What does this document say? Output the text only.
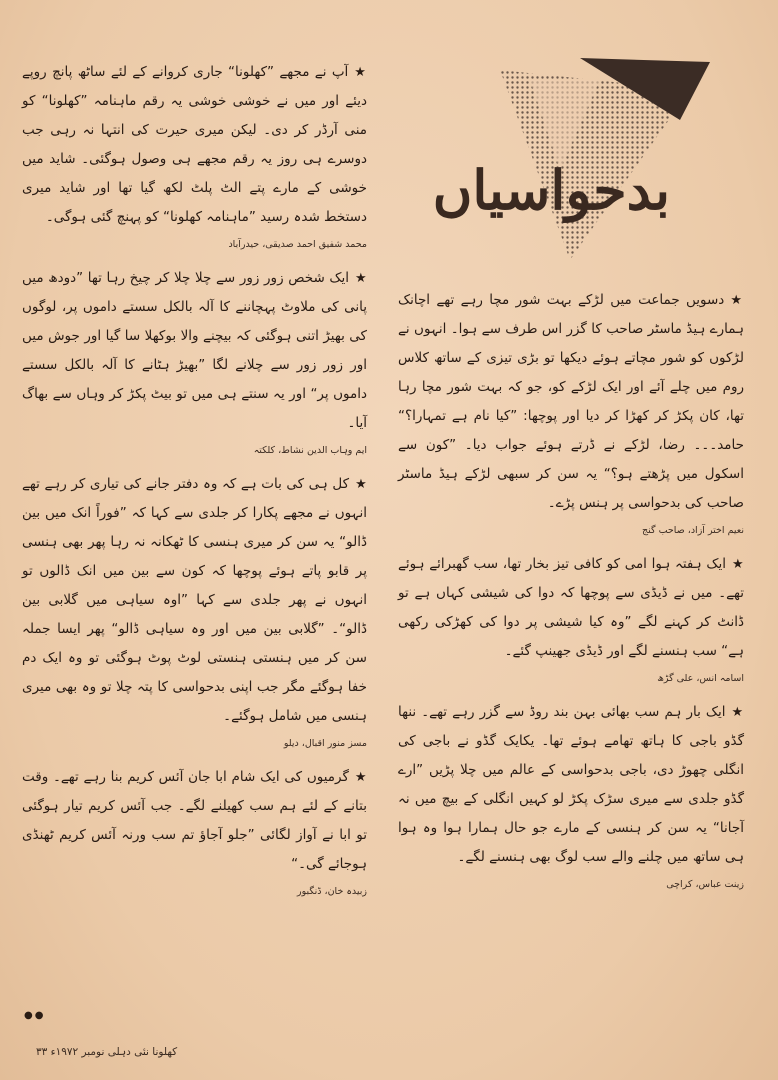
بدحواسیاں
★آپ نے مجھے ”کھلونا“ جاری کروانے کے لئے ساٹھ پانچ روپے دیئے اور میں نے خوشی خوشی یہ رقم ماہنامہ ”کھلونا“ کو منی آرڈر کر دی۔ لیکن میری حیرت کی انتہا نہ رہی جب دوسرے ہی روز یہ رقم مجھے ہی وصول ہوگئی۔ شاید میں خوشی کے مارے پتے الٹ پلٹ لکھ گیا تھا اور شاید میری دستخط شدہ رسید ”ماہنامہ کھلونا“ کو پہنچ گئی ہوگی۔
محمد شفیق احمد صدیقی، حیدرآباد
★ایک شخص زور زور سے چلا چلا کر چیخ رہا تھا ”دودھ میں پانی کی ملاوٹ پہچاننے کا آلہ بالکل سستے داموں پر، لوگوں کی بھیڑ اتنی ہوگئی کہ بیچنے والا بوکھلا سا گیا اور جوش میں اور زور زور سے چلانے لگا ”بھیڑ ہٹانے کا آلہ بالکل سستے داموں پر“ اور یہ سنتے ہی میں تو بیٹ پکڑ کر وہاں سے بھاگ آیا۔
ایم وہاب الدین نشاط، کلکتہ
★کل ہی کی بات ہے کہ وہ دفتر جانے کی تیاری کر رہے تھے انہوں نے مجھے پکارا کر جلدی سے کہا کہ ”فوراً انک میں بین ڈالو“ یہ سن کر میری ہنسی کا ٹھکانہ نہ رہا پھر بھی ہنسی پر قابو پاتے ہوئے پوچھا کہ کون سے بین میں انک ڈالوں تو انہوں نے پھر جلدی سے کہا ”اوہ سیاہی میں گلابی بین ڈالو“۔ ”گلابی بین میں اور وہ سیاہی ڈالو“ پھر ایسا جملہ سن کر میں ہنستی ہنستی لوٹ پوٹ ہوگئی تو وہ ایک دم خفا ہوگئے مگر جب اپنی بدحواسی کا پتہ چلا تو وہ بھی میری ہنسی میں شامل ہوگئے۔
مسز منور اقبال، دیلو
★گرمیوں کی ایک شام ابا جان آئس کریم بنا رہے تھے۔ وقت بتانے کے لئے ہم سب کھیلنے لگے۔ جب آئس کریم تیار ہوگئی تو ابا نے آواز لگائی ”جلو آجاؤ تم سب ورنہ آئس کریم ٹھنڈی ہوجائے گی۔“
زبیدہ خان، ڈنگبور
★دسویں جماعت میں لڑکے بہت شور مچا رہے تھے اچانک ہمارے ہیڈ ماسٹر صاحب کا گزر اس طرف سے ہوا۔ انہوں نے لڑکوں کو شور مچاتے ہوئے دیکھا تو بڑی تیزی کے ساتھ کلاس روم میں چلے آئے اور ایک لڑکے کو، جو کہ بہت شور مچا رہا تھا، کان پکڑ کر کھڑا کر دیا اور پوچھا: ”کیا نام ہے تمہارا؟“ حامد۔۔۔ رضا، لڑکے نے ڈرتے ہوئے جواب دیا۔ ”کون سے اسکول میں پڑھتے ہو؟“ یہ سن کر سبھی لڑکے ہیڈ ماسٹر صاحب کی بدحواسی پر ہنس پڑے۔
نعیم اختر آزاد، صاحب گنج
★ایک ہفتہ ہوا امی کو کافی تیز بخار تھا، سب گھبرائے ہوئے تھے۔ میں نے ڈیڈی سے پوچھا کہ دوا کی شیشی کہاں ہے تو ڈانٹ کر کہنے لگے ”وہ کیا شیشی پر دوا کی کھڑکی رکھی ہے“ سب ہنسنے لگے اور ڈیڈی جھینپ گئے۔
اسامہ انس، علی گڑھ
★ایک بار ہم سب بھائی بہن بند روڈ سے گزر رہے تھے۔ ننھا گڈو باجی کا ہاتھ تھامے ہوئے تھا۔ یکایک گڈو نے باجی کی انگلی چھوڑ دی، باجی بدحواسی کے عالم میں چلا پڑیں ”ارے گڈو جلدی سے میری سڑک پکڑ لو کہیں انگلی کے بیچ میں نہ آجانا“ یہ سن کر ہنسی کے مارے جو حال ہمارا ہوا وہ ہوا ہی ساتھ میں چلنے والے سب لوگ بھی ہنسنے لگے۔
زینت عباس، کراچی
●●
کھلونا نئی دہلی نومبر ۱۹۷۲ء ۳۳
